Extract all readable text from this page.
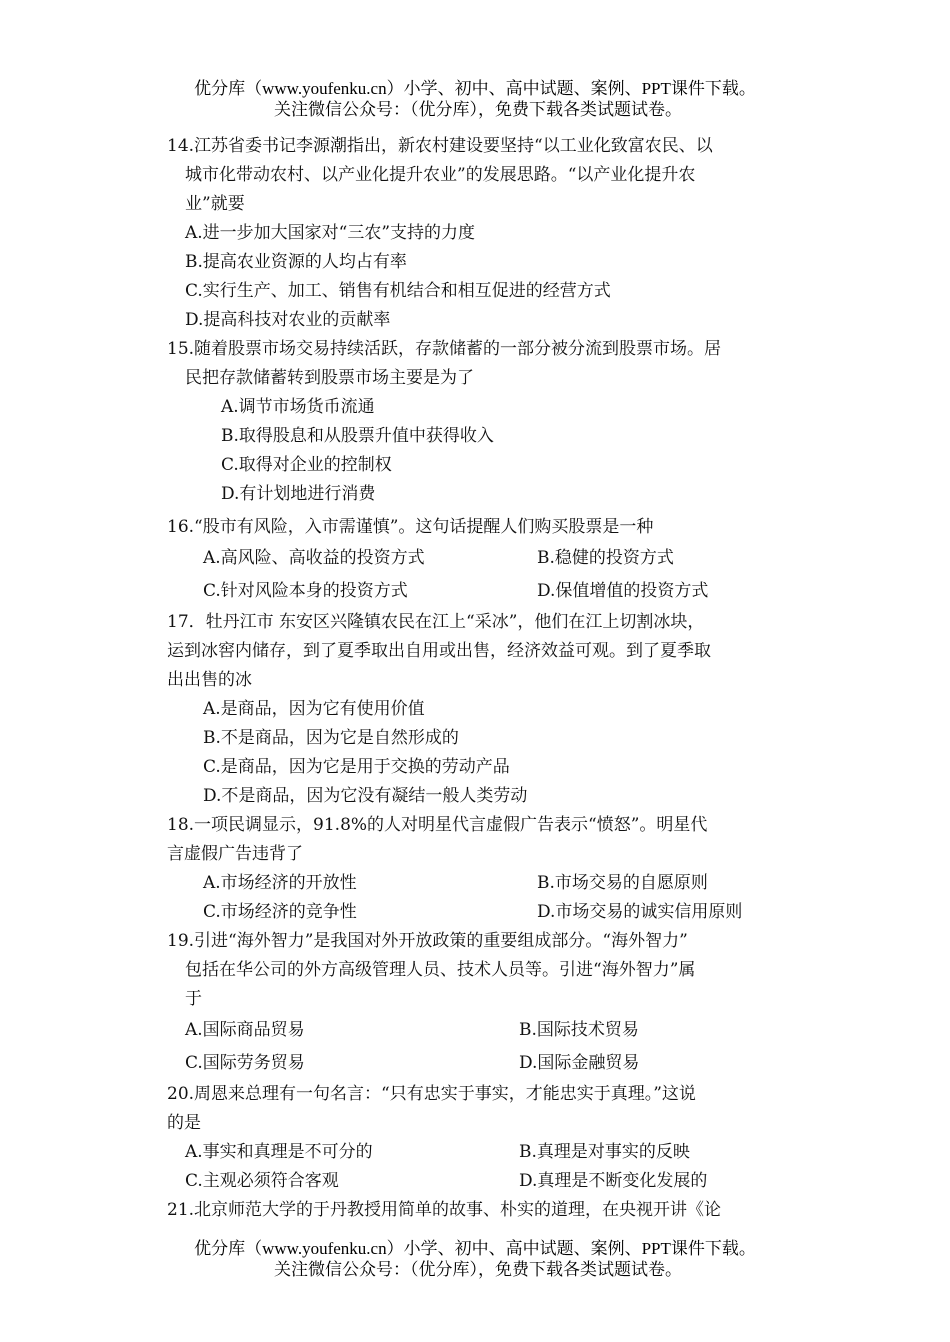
优分库（www.youfenku.cn）小学、初中、高中试题、案例、PPT课件下载。
关注微信公众号：（优分库），免费下载各类试题试卷。

14.江苏省委书记李源潮指出，新农村建设要坚持“以工业化致富农民、以

城市化带动农村、以产业化提升农业”的发展思路。“以产业化提升农

业”就要

A.进一步加大国家对“三农”支持的力度

B.提高农业资源的人均占有率

C.实行生产、加工、销售有机结合和相互促进的经营方式

D.提高科技对农业的贡献率

15.随着股票市场交易持续活跃，存款储蓄的一部分被分流到股票市场。居

民把存款储蓄转到股票市场主要是为了

A.调节市场货币流通

B.取得股息和从股票升值中获得收入

C.取得对企业的控制权

D.有计划地进行消费

16.“股市有风险，入市需谨慎”。这句话提醒人们购买股票是一种

A.高风险、高收益的投资方式	B.稳健的投资方式
C.针对风险本身的投资方式	D.保值增值的投资方式

17．牡丹江市 东安区兴隆镇农民在江上“采冰”，他们在江上切割冰块，

运到冰窖内储存，到了夏季取出自用或出售，经济效益可观。到了夏季取

出出售的冰

A.是商品，因为它有使用价值

B.不是商品，因为它是自然形成的

C.是商品，因为它是用于交换的劳动产品

D.不是商品，因为它没有凝结一般人类劳动

18.一项民调显示，91.8%的人对明星代言虚假广告表示“愤怒”。明星代

言虚假广告违背了

A.市场经济的开放性	B.市场交易的自愿原则
C.市场经济的竞争性	D.市场交易的诚实信用原则

19.引进“海外智力”是我国对外开放政策的重要组成部分。“海外智力”

包括在华公司的外方高级管理人员、技术人员等。引进“海外智力”属

于

A.国际商品贸易	B.国际技术贸易
C.国际劳务贸易	D.国际金融贸易

20.周恩来总理有一句名言：“只有忠实于事实，才能忠实于真理。”这说

的是

A.事实和真理是不可分的	B.真理是对事实的反映
C.主观必须符合客观	D.真理是不断变化发展的

21.北京师范大学的于丹教授用简单的故事、朴实的道理，在央视开讲《论

优分库（www.youfenku.cn）小学、初中、高中试题、案例、PPT课件下载。
关注微信公众号：（优分库），免费下载各类试题试卷。
